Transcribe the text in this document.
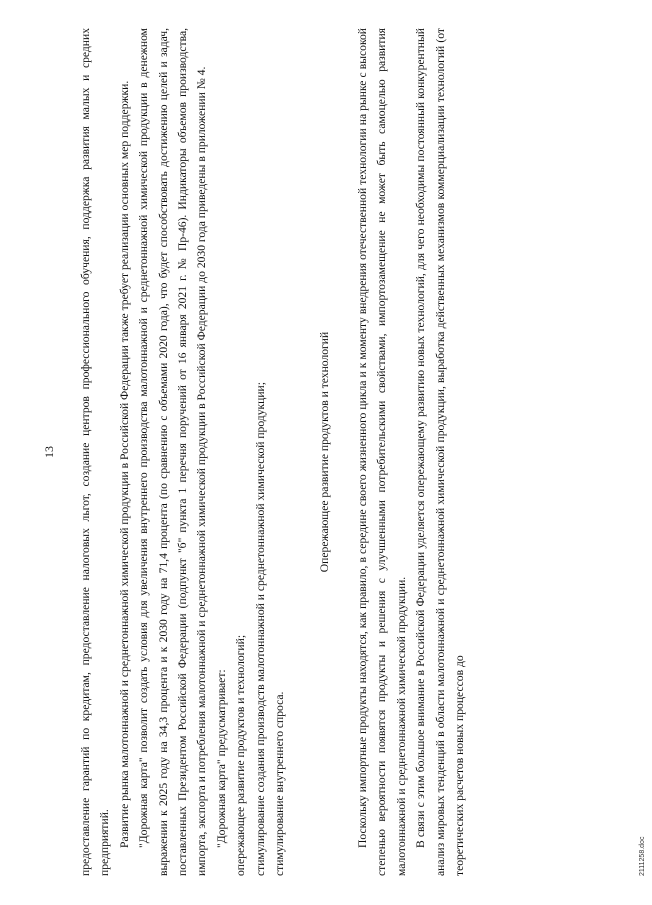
13 предоставление гарантий по кредитам, предоставление налоговых льгот, создание центров профессионального обучения, поддержка развития малых и средних предприятий. Развитие рынка малотоннажной и среднетоннажной химической продукции в Российской Федерации также требует реализации основных мер поддержки. "Дорожная карта" позволит создать условия для увеличения внутреннего производства малотоннажной и среднетоннажной химической продукции в денежном выражении к 2025 году на 34,3 процента и к 2030 году на 71,4 процента (по сравнению с объемами 2020 года), что будет способствовать достижению целей и задач, поставленных Президентом Российской Федерации (подпункт "б" пункта 1 перечня поручений от 16 января 2021 г. № Пр-46). Индикаторы объемов производства, импорта, экспорта и потребления малотоннажной и среднетоннажной химической продукции в Российской Федерации до 2030 года приведены в приложении № 4. "Дорожная карта" предусматривает: опережающее развитие продуктов и технологий; стимулирование создания производств малотоннажной и среднетоннажной химической продукции; стимулирование внутреннего спроса.

Опережающее развитие продуктов и технологий Поскольку импортные продукты находятся, как правило, в середине своего жизненного цикла и к моменту внедрения отечественной технологии на рынке с высокой степенью вероятности появятся продукты и решения с улучшенными потребительскими свойствами, импортозамещение не может быть самоцелью развития малотоннажной и среднетоннажной химической продукции. В связи с этим большое внимание в Российской Федерации уделяется опережающему развитию новых технологий, для чего необходимы постоянный конкурентный анализ мировых тенденций в области малотоннажной и среднетоннажной химической продукции, выработка действенных механизмов коммерциализации технологий (от теоретических расчетов новых процессов до	2111258.doc
